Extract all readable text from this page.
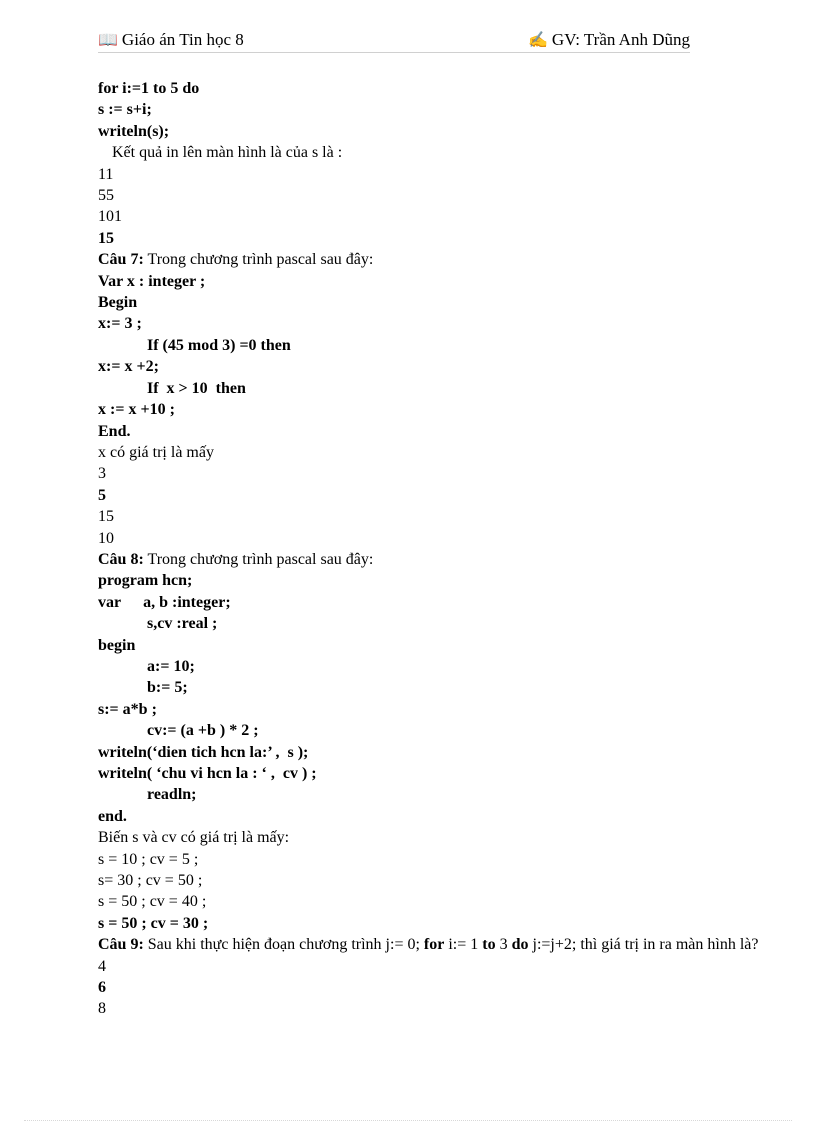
📖 Giáo án Tin học 8	✍ GV: Trần Anh Dũng
for i:=1 to 5 do
s := s+i;
writeln(s);
Kết quả in lên màn hình là của s là :
11
55
101
15
Câu 7: Trong chương trình pascal sau đây:
Var x : integer ;
Begin
x:= 3 ;
If (45 mod 3) =0 then
x:= x +2;
If  x > 10  then
x := x +10 ;
End.
x có giá trị là mấy
3
5
15
10
Câu 8: Trong chương trình pascal sau đây:
program hcn;
var a, b :integer;
s,cv :real ;
begin
a:= 10;
b:= 5;
s:= a*b ;
cv:= (a +b ) * 2 ;
writeln(‘dien tich hcn la:’ ,  s );
writeln( ‘chu vi hcn la : ‘ ,  cv ) ;
readln;
end.
Biến s và cv có giá trị là mấy:
s = 10 ; cv = 5 ;
s= 30 ; cv = 50 ;
s = 50 ; cv = 40 ;
s = 50 ; cv = 30 ;
Câu 9: Sau khi thực hiện đoạn chương trình j:= 0; for i:= 1 to 3 do j:=j+2; thì giá trị in ra màn hình là?
4
6
8
